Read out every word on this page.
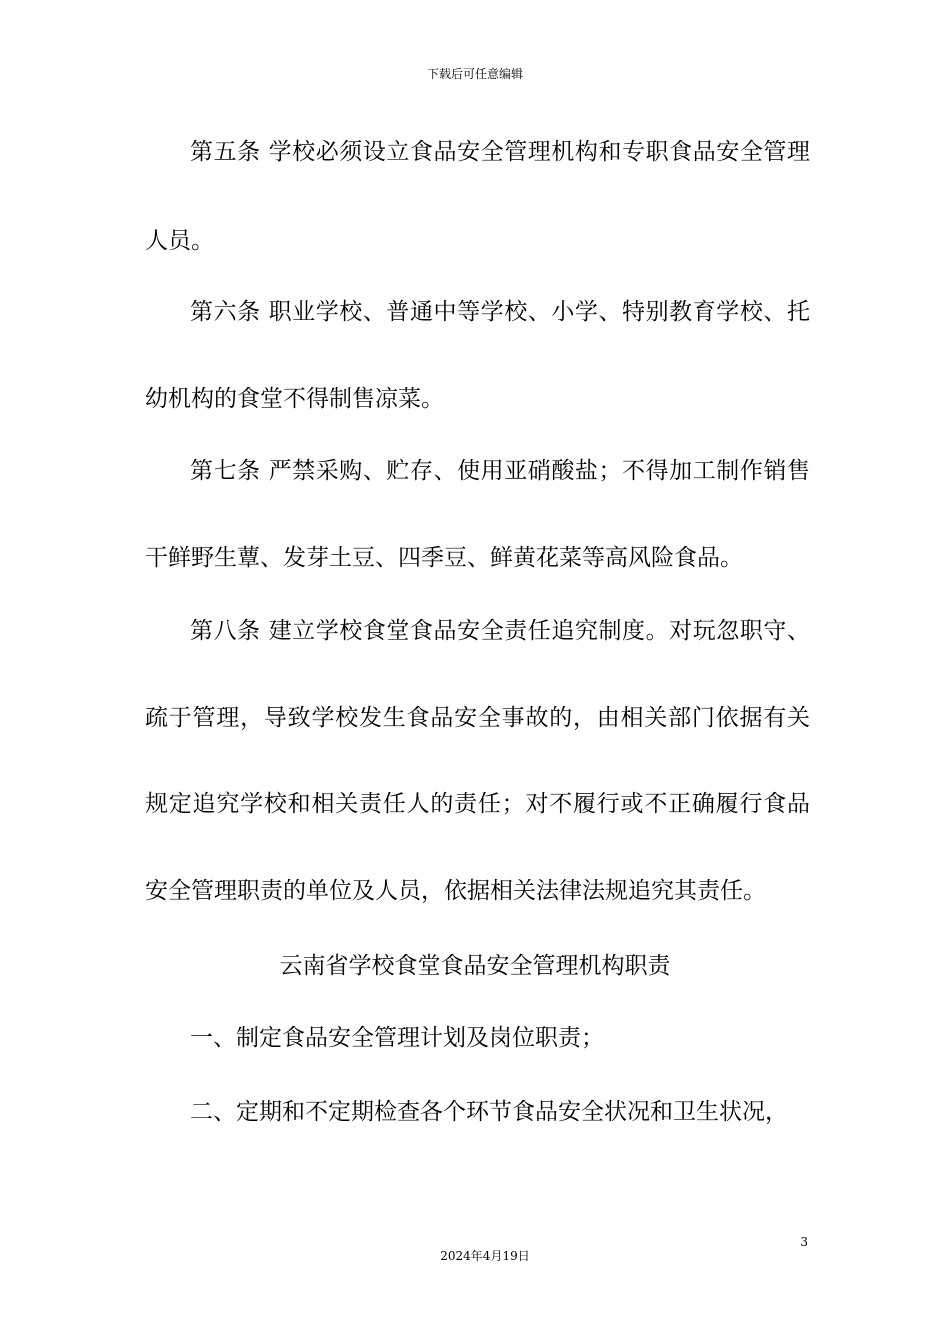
下载后可任意编辑
第五条 学校必须设立食品安全管理机构和专职食品安全管理
人员。
第六条 职业学校、普通中等学校、小学、特别教育学校、托
幼机构的食堂不得制售凉菜。
第七条 严禁采购、贮存、使用亚硝酸盐；不得加工制作销售
干鲜野生蕈、发芽土豆、四季豆、鲜黄花菜等高风险食品。
第八条 建立学校食堂食品安全责任追究制度。对玩忽职守、
疏于管理，导致学校发生食品安全事故的，由相关部门依据有关
规定追究学校和相关责任人的责任；对不履行或不正确履行食品
安全管理职责的单位及人员，依据相关法律法规追究其责任。
云南省学校食堂食品安全管理机构职责
一、制定食品安全管理计划及岗位职责；
二、定期和不定期检查各个环节食品安全状况和卫生状况，
3
2024年4月19日
